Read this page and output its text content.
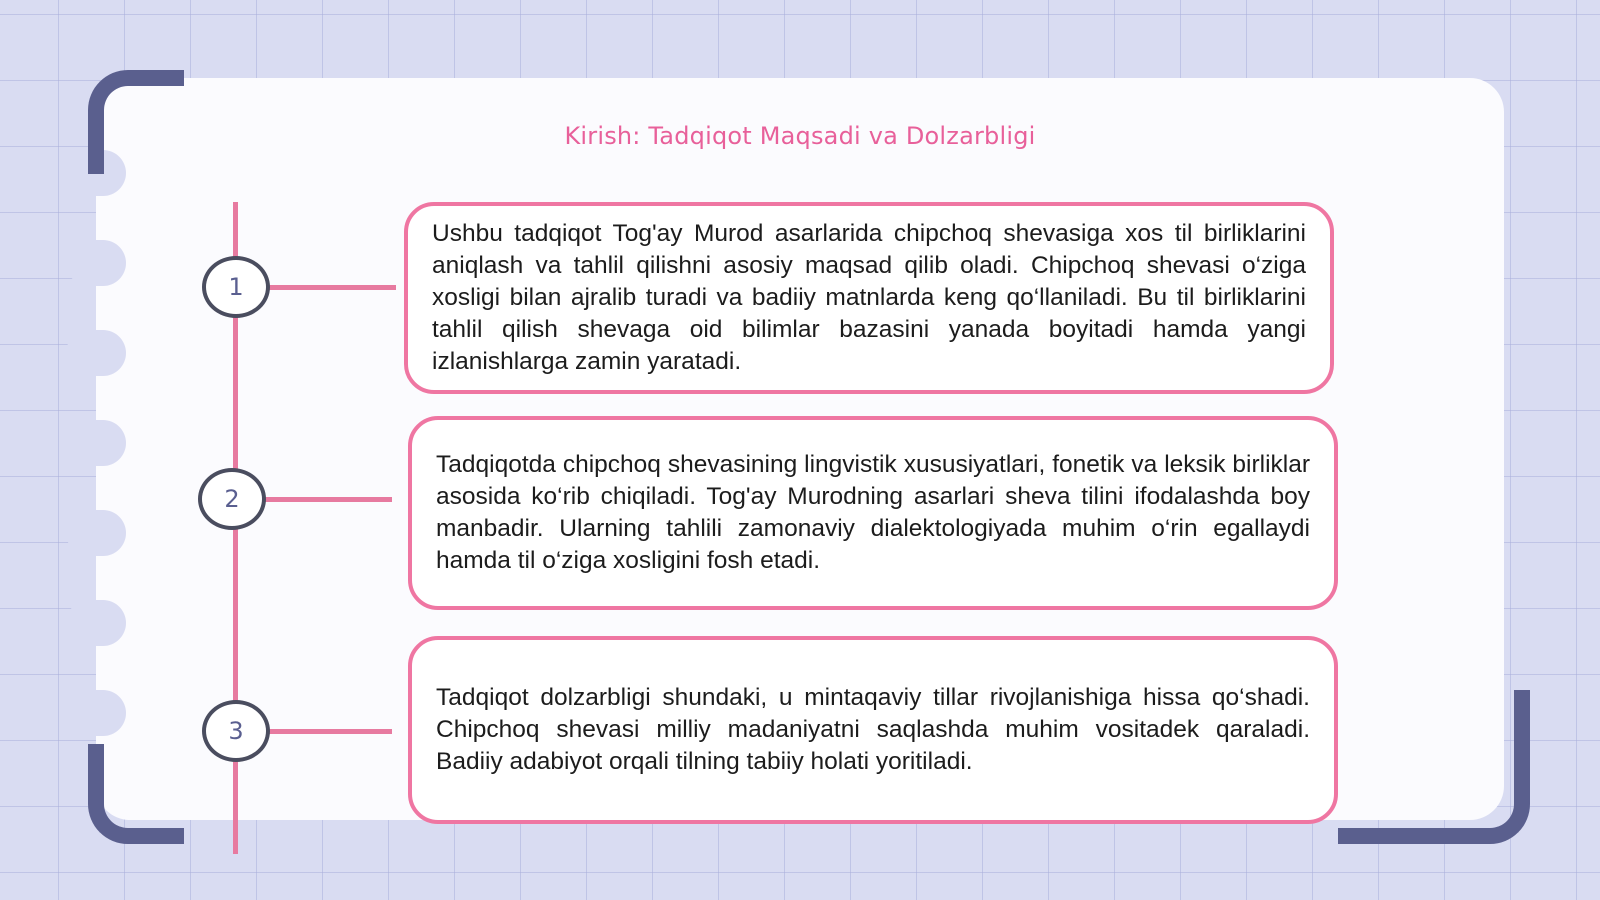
Kirish: Tadqiqot Maqsadi va Dolzarbligi
1
2
3

Ushbu tadqiqot Tog'ay Murod asarlarida chipchoq shevasiga xos til birliklarini aniqlash va tahlil qilishni asosiy maqsad qilib oladi. Chipchoq shevasi o‘ziga xosligi bilan ajralib turadi va badiiy matnlarda keng qo‘llaniladi. Bu til birliklarini tahlil qilish shevaga oid bilimlar bazasini yanada boyitadi hamda yangi izlanishlarga zamin yaratadi.

Tadqiqotda chipchoq shevasining lingvistik xususiyatlari, fonetik va leksik birliklar asosida ko‘rib chiqiladi. Tog'ay Murodning asarlari sheva tilini ifodalashda boy manbadir. Ularning tahlili zamonaviy dialektologiyada muhim o‘rin egallaydi hamda til o‘ziga xosligini fosh etadi.

Tadqiqot dolzarbligi shundaki, u mintaqaviy tillar rivojlanishiga hissa qo‘shadi. Chipchoq shevasi milliy madaniyatni saqlashda muhim vositadek qaraladi. Badiiy adabiyot orqali tilning tabiiy holati yoritiladi.
